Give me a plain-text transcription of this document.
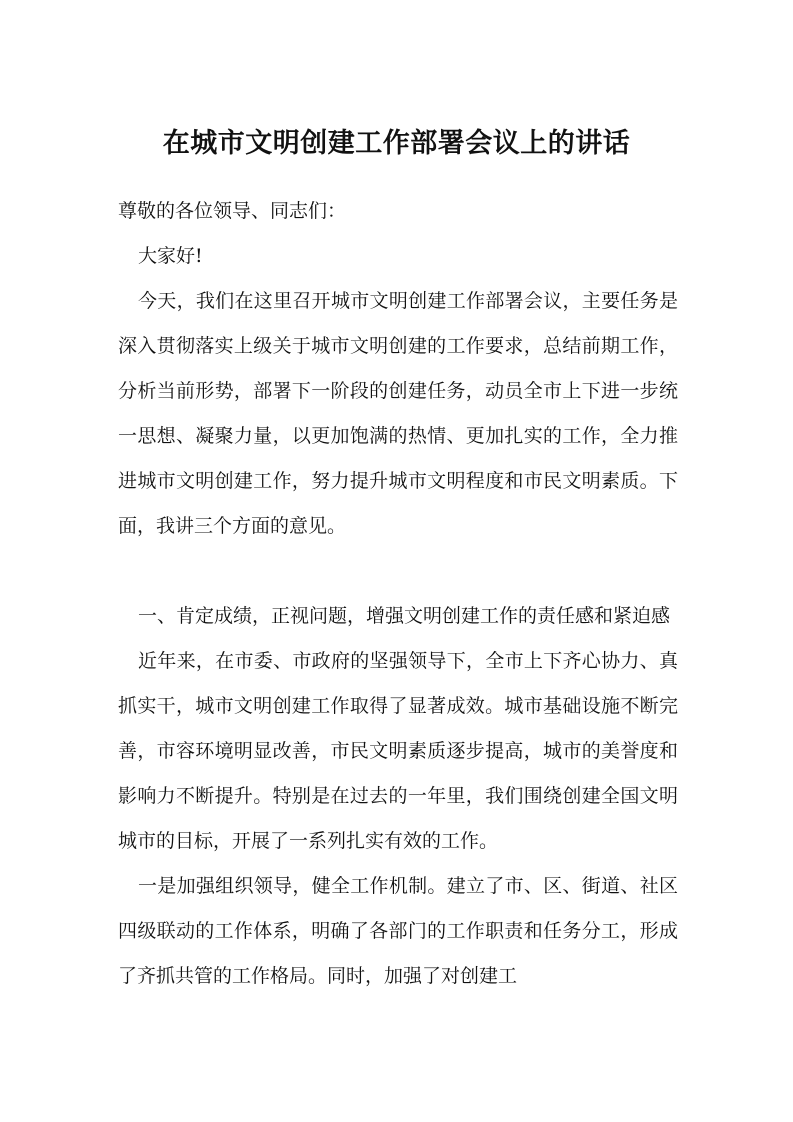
在城市文明创建工作部署会议上的讲话

尊敬的各位领导、同志们：

大家好!

今天，我们在这里召开城市文明创建工作部署会议，主要任务是深入贯彻落实上级关于城市文明创建的工作要求，总结前期工作，分析当前形势，部署下一阶段的创建任务，动员全市上下进一步统一思想、凝聚力量，以更加饱满的热情、更加扎实的工作，全力推进城市文明创建工作，努力提升城市文明程度和市民文明素质。下面，我讲三个方面的意见。

一、肯定成绩，正视问题，增强文明创建工作的责任感和紧迫感

近年来，在市委、市政府的坚强领导下，全市上下齐心协力、真抓实干，城市文明创建工作取得了显著成效。城市基础设施不断完善，市容环境明显改善，市民文明素质逐步提高，城市的美誉度和影响力不断提升。特别是在过去的一年里，我们围绕创建全国文明城市的目标，开展了一系列扎实有效的工作。

一是加强组织领导，健全工作机制。建立了市、区、街道、社区四级联动的工作体系，明确了各部门的工作职责和任务分工，形成了齐抓共管的工作格局。同时，加强了对创建工
